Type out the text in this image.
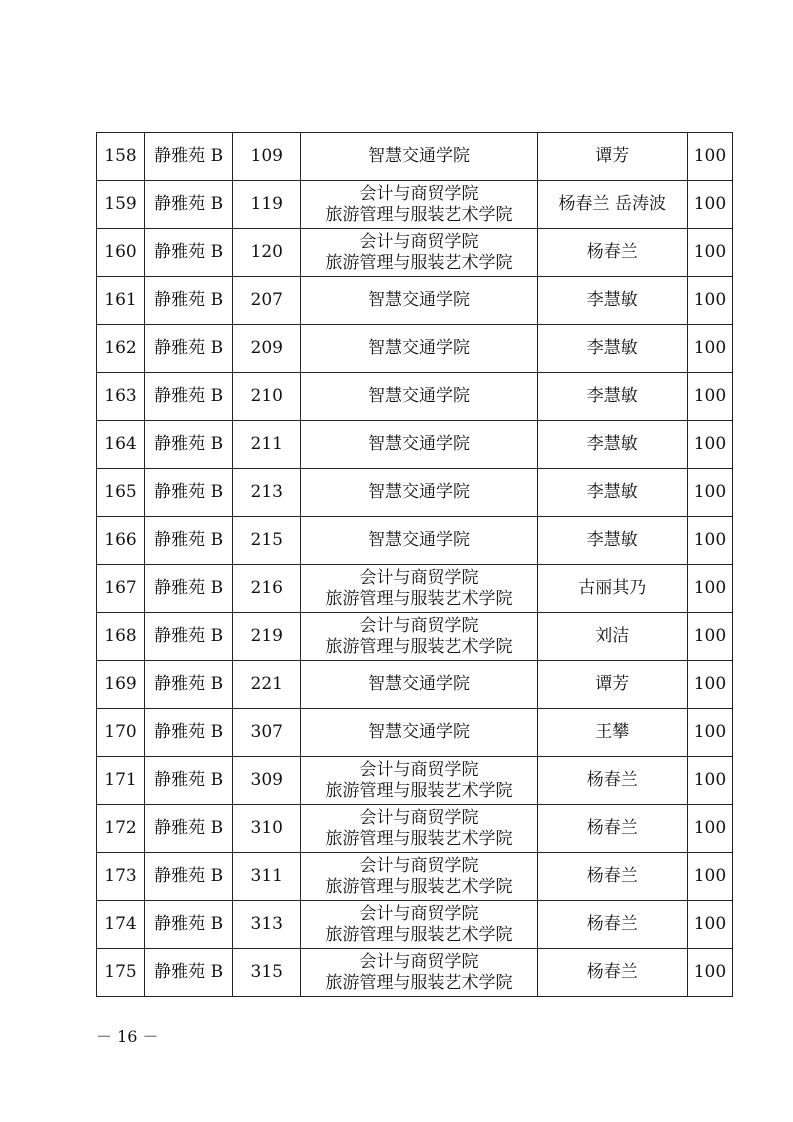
158	静雅苑 B	109	智慧交通学院	谭芳	100
159	静雅苑 B	119	会计与商贸学院
旅游管理与服装艺术学院	杨春兰 岳涛波	100
160	静雅苑 B	120	会计与商贸学院
旅游管理与服装艺术学院	杨春兰	100
161	静雅苑 B	207	智慧交通学院	李慧敏	100
162	静雅苑 B	209	智慧交通学院	李慧敏	100
163	静雅苑 B	210	智慧交通学院	李慧敏	100
164	静雅苑 B	211	智慧交通学院	李慧敏	100
165	静雅苑 B	213	智慧交通学院	李慧敏	100
166	静雅苑 B	215	智慧交通学院	李慧敏	100
167	静雅苑 B	216	会计与商贸学院
旅游管理与服装艺术学院	古丽其乃	100
168	静雅苑 B	219	会计与商贸学院
旅游管理与服装艺术学院	刘洁	100
169	静雅苑 B	221	智慧交通学院	谭芳	100
170	静雅苑 B	307	智慧交通学院	王攀	100
171	静雅苑 B	309	会计与商贸学院
旅游管理与服装艺术学院	杨春兰	100
172	静雅苑 B	310	会计与商贸学院
旅游管理与服装艺术学院	杨春兰	100
173	静雅苑 B	311	会计与商贸学院
旅游管理与服装艺术学院	杨春兰	100
174	静雅苑 B	313	会计与商贸学院
旅游管理与服装艺术学院	杨春兰	100
175	静雅苑 B	315	会计与商贸学院
旅游管理与服装艺术学院	杨春兰	100
－ 16 －
